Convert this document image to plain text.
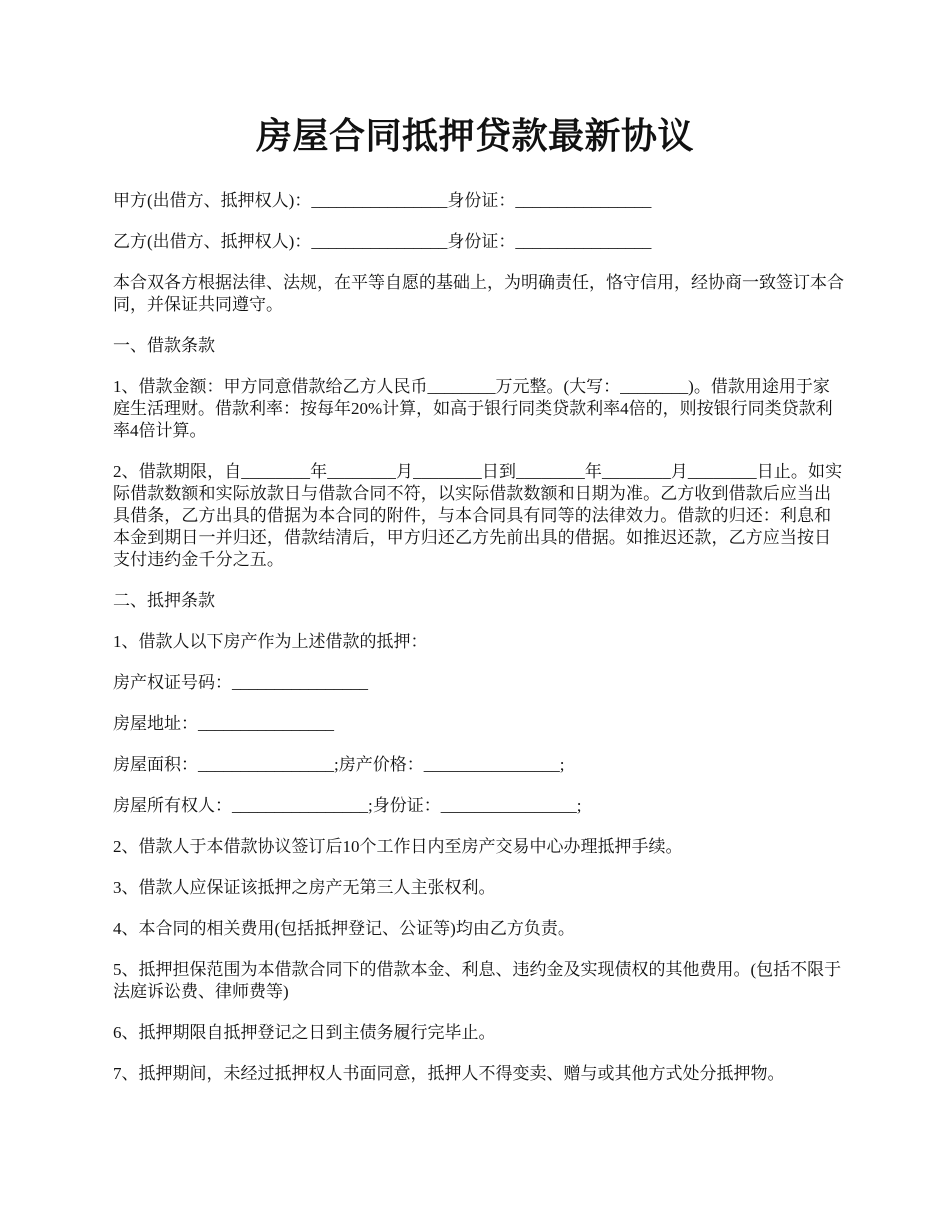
房屋合同抵押贷款最新协议

甲方(出借方、抵押权人)：________________身份证：________________

乙方(出借方、抵押权人)：________________身份证：________________

本合双各方根据法律、法规，在平等自愿的基础上，为明确责任，恪守信用，经协商一致签订本合同，并保证共同遵守。

一、借款条款

1、借款金额：甲方同意借款给乙方人民币________万元整。(大写：________)。借款用途用于家庭生活理财。借款利率：按每年20%计算，如高于银行同类贷款利率4倍的，则按银行同类贷款利率4倍计算。

2、借款期限，自________年________月________日到________年________月________日止。如实际借款数额和实际放款日与借款合同不符，以实际借款数额和日期为准。乙方收到借款后应当出具借条，乙方出具的借据为本合同的附件，与本合同具有同等的法律效力。借款的归还：利息和本金到期日一并归还，借款结清后，甲方归还乙方先前出具的借据。如推迟还款，乙方应当按日支付违约金千分之五。

二、抵押条款

1、借款人以下房产作为上述借款的抵押：

房产权证号码：________________

房屋地址：________________

房屋面积：________________;房产价格：________________;

房屋所有权人：________________;身份证：________________;

2、借款人于本借款协议签订后10个工作日内至房产交易中心办理抵押手续。

3、借款人应保证该抵押之房产无第三人主张权利。

4、本合同的相关费用(包括抵押登记、公证等)均由乙方负责。

5、抵押担保范围为本借款合同下的借款本金、利息、违约金及实现债权的其他费用。(包括不限于法庭诉讼费、律师费等)

6、抵押期限自抵押登记之日到主债务履行完毕止。

7、抵押期间，未经过抵押权人书面同意，抵押人不得变卖、赠与或其他方式处分抵押物。
